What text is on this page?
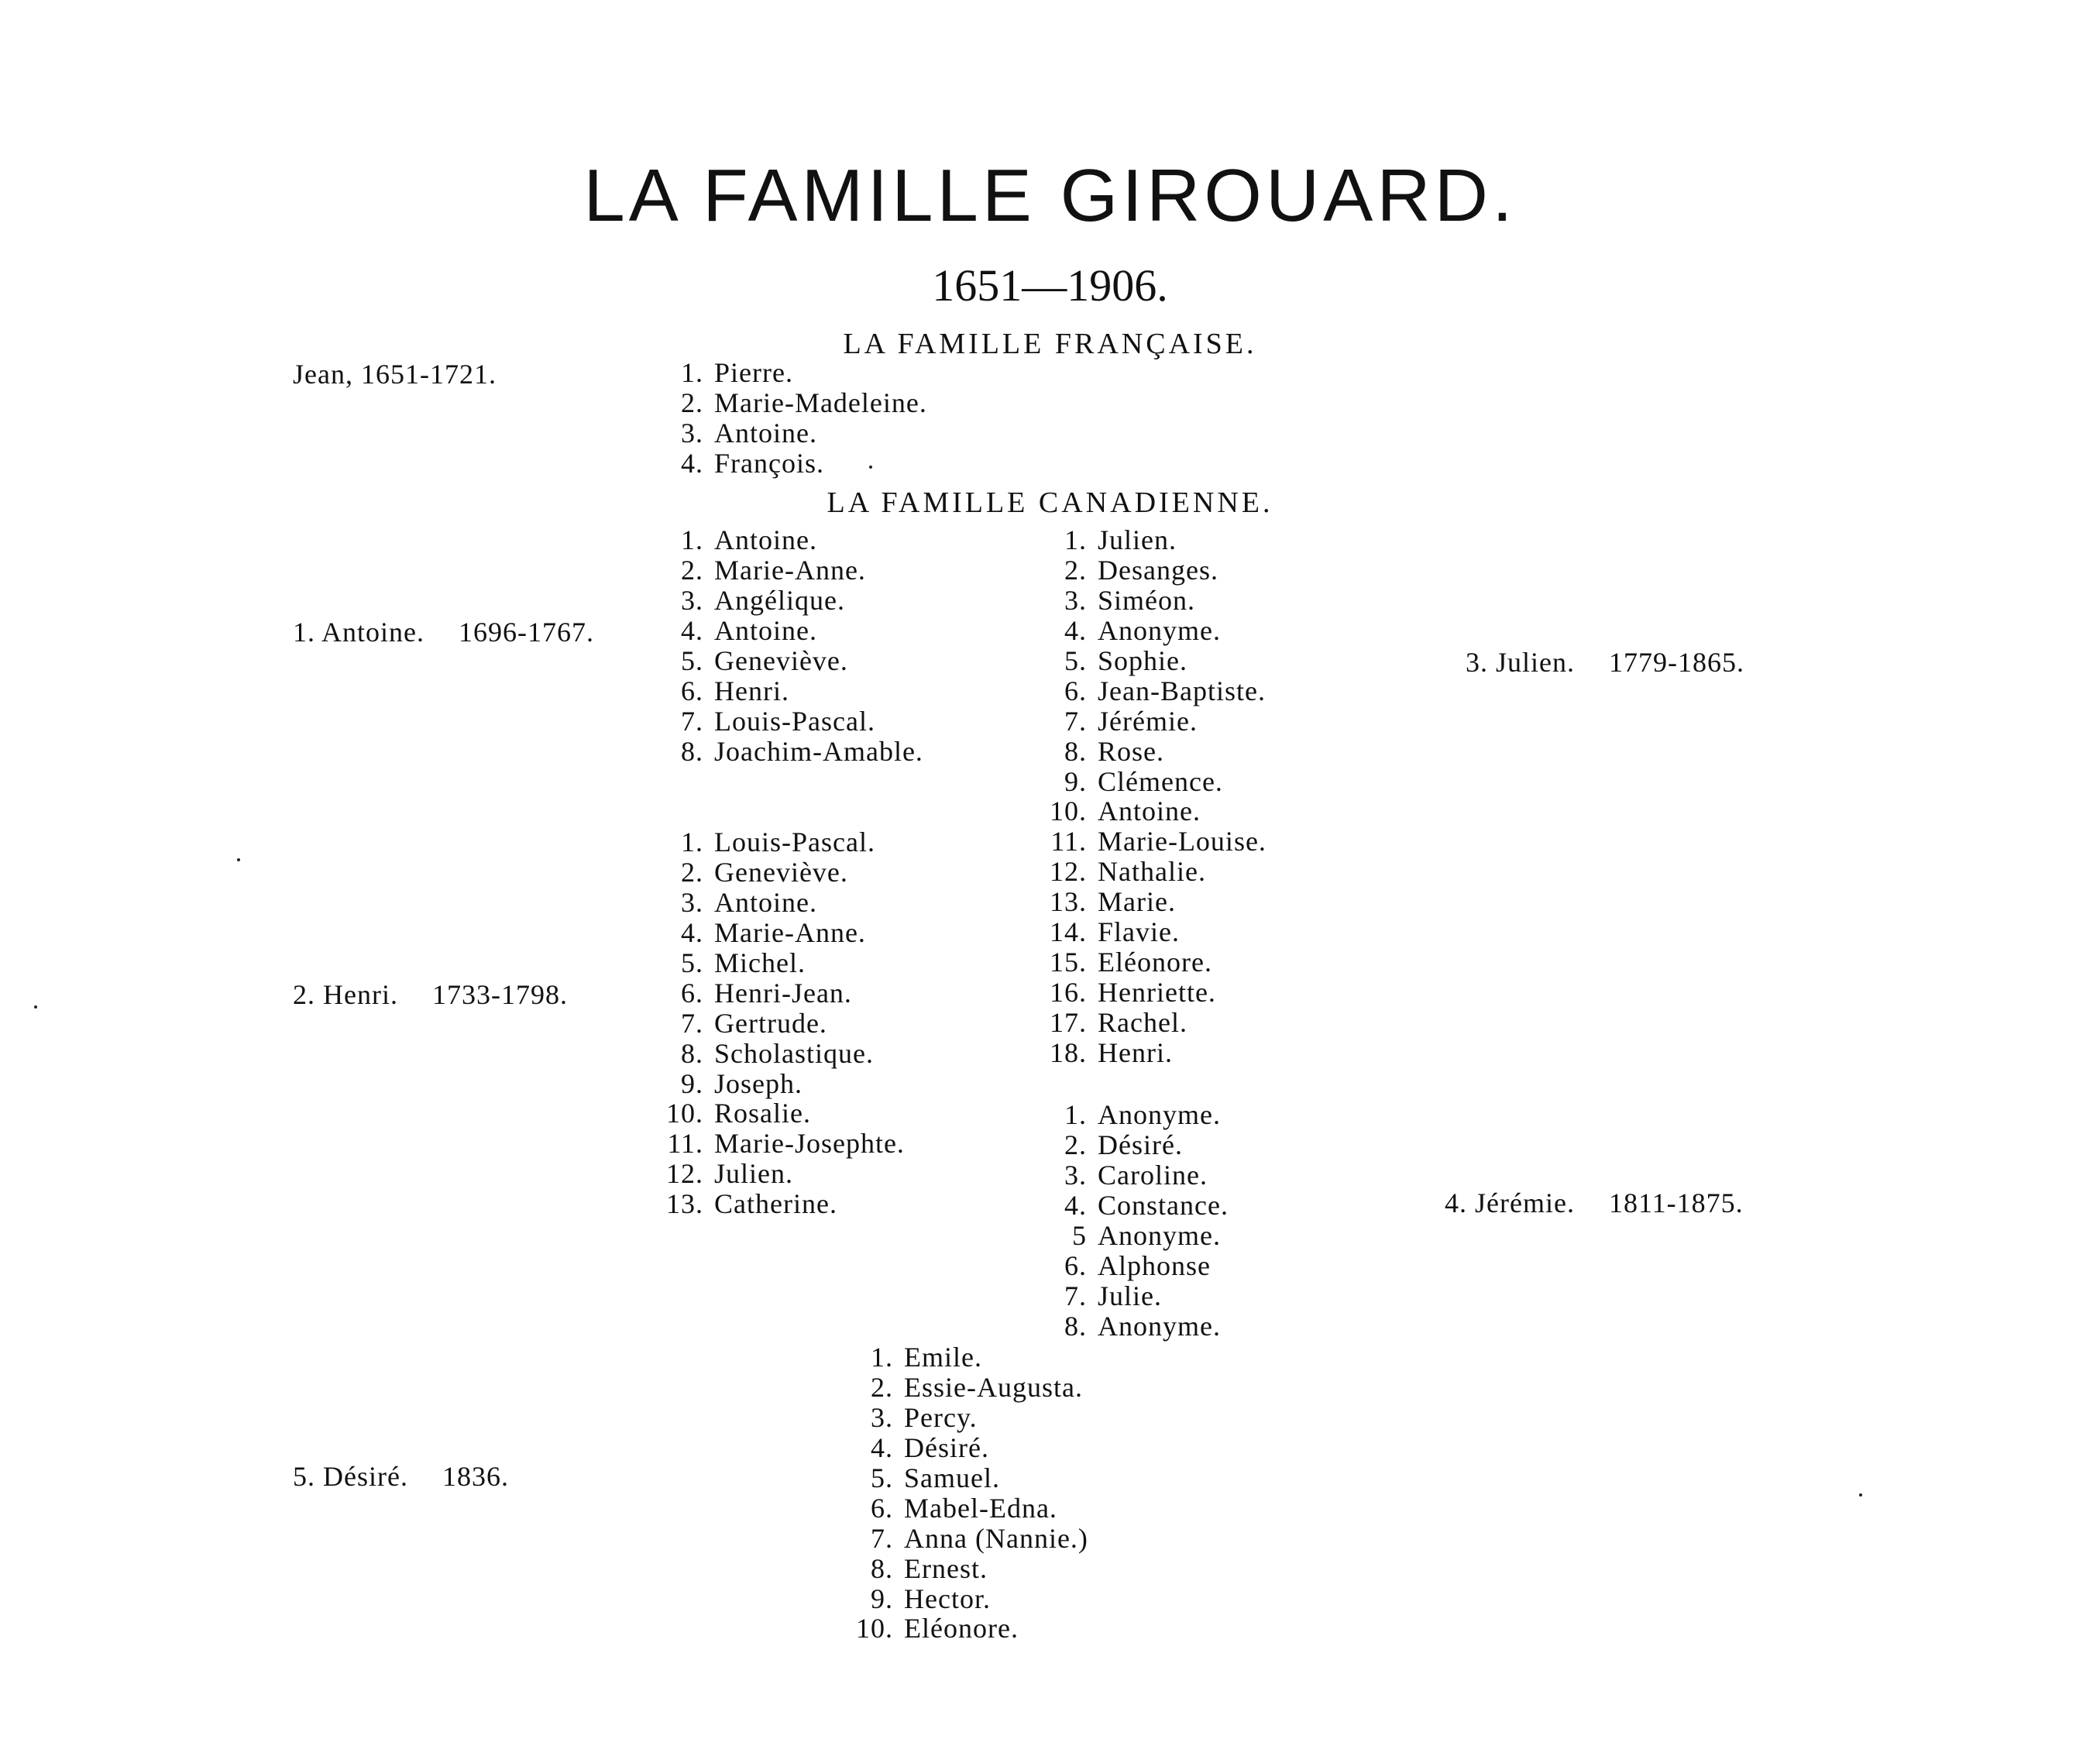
LA FAMILLE GIROUARD.
1651—1906.
LA FAMILLE FRANÇAISE.
LA FAMILLE CANADIENNE.
Jean, 1651-1721.
1. Antoine. 1696-1767.
2. Henri. 1733-1798.
3. Julien. 1779-1865.
4. Jérémie. 1811-1875.
5. Désiré. 1836.
1. Pierre.
2. Marie-Madeleine.
3. Antoine.
4. François.
1. Antoine.
2. Marie-Anne.
3. Angélique.
4. Antoine.
5. Geneviève.
6. Henri.
7. Louis-Pascal.
8. Joachim-Amable.
1. Louis-Pascal.
2. Geneviève.
3. Antoine.
4. Marie-Anne.
5. Michel.
6. Henri-Jean.
7. Gertrude.
8. Scholastique.
9. Joseph.
10. Rosalie.
11. Marie-Josephte.
12. Julien.
13. Catherine.
1. Julien.
2. Desanges.
3. Siméon.
4. Anonyme.
5. Sophie.
6. Jean-Baptiste.
7. Jérémie.
8. Rose.
9. Clémence.
10. Antoine.
11. Marie-Louise.
12. Nathalie.
13. Marie.
14. Flavie.
15. Eléonore.
16. Henriette.
17. Rachel.
18. Henri.
1. Anonyme.
2. Désiré.
3. Caroline.
4. Constance.
5 Anonyme.
6. Alphonse
7. Julie.
8. Anonyme.
1. Emile.
2. Essie-Augusta.
3. Percy.
4. Désiré.
5. Samuel.
6. Mabel-Edna.
7. Anna (Nannie.)
8. Ernest.
9. Hector.
10. Eléonore.
